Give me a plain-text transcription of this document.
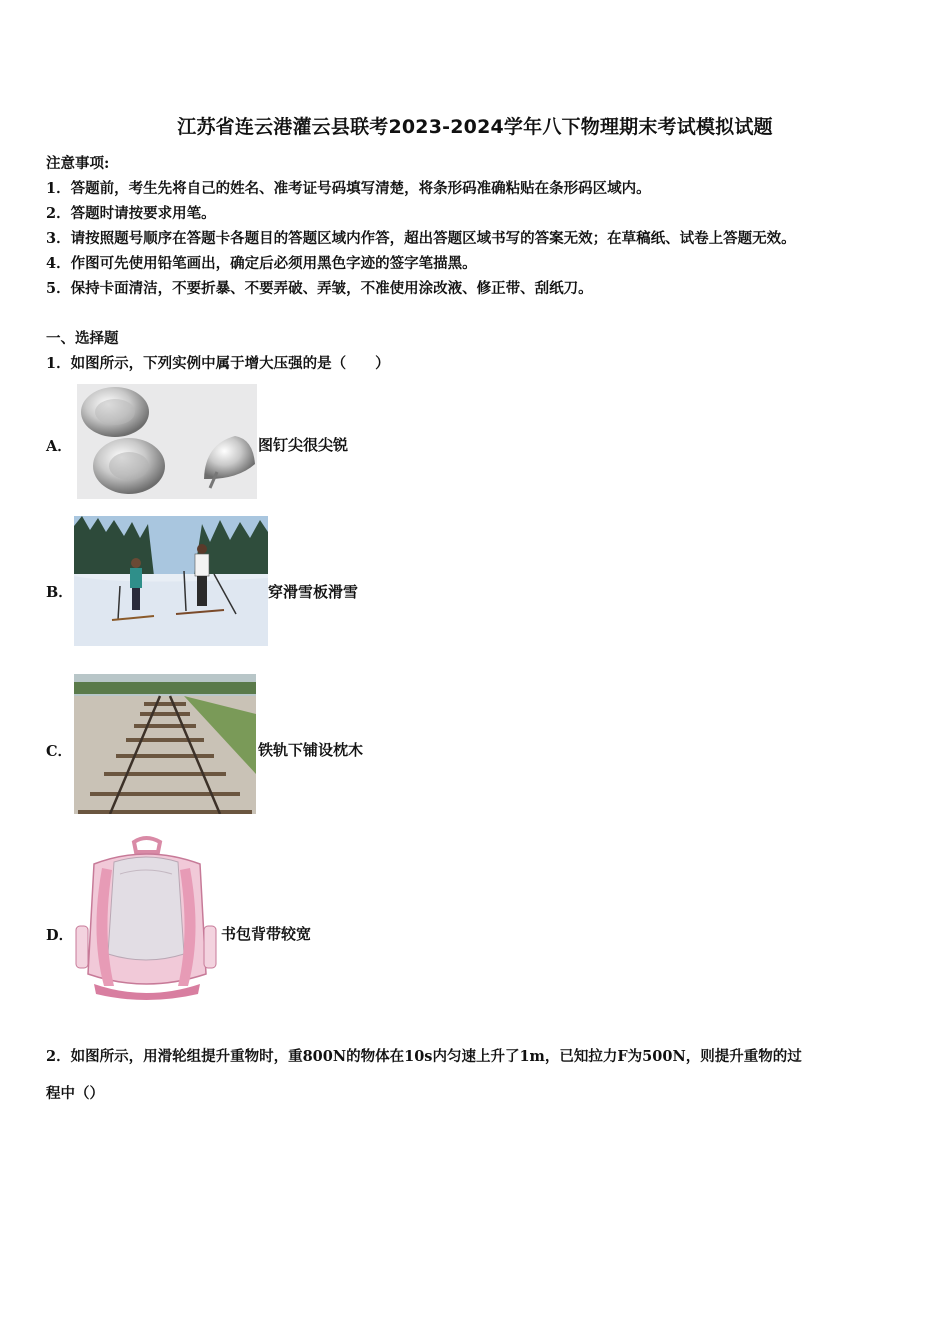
江苏省连云港灌云县联考2023-2024学年八下物理期末考试模拟试题
注意事项:
1．答题前，考生先将自己的姓名、准考证号码填写清楚，将条形码准确粘贴在条形码区域内。
2．答题时请按要求用笔。
3．请按照题号顺序在答题卡各题目的答题区域内作答，超出答题区域书写的答案无效；在草稿纸、试卷上答题无效。
4．作图可先使用铅笔画出，确定后必须用黑色字迹的签字笔描黑。
5．保持卡面清洁，不要折暴、不要弄破、弄皱，不准使用涂改液、修正带、刮纸刀。
一、选择题
1．如图所示，下列实例中属于增大压强的是（　　）
A．	图钉尖很尖锐
B．	穿滑雪板滑雪
C．	铁轨下铺设枕木
D．	书包背带较宽
2．如图所示，用滑轮组提升重物时，重800N的物体在10s内匀速上升了1m，已知拉力F为500N，则提升重物的过
程中（）
